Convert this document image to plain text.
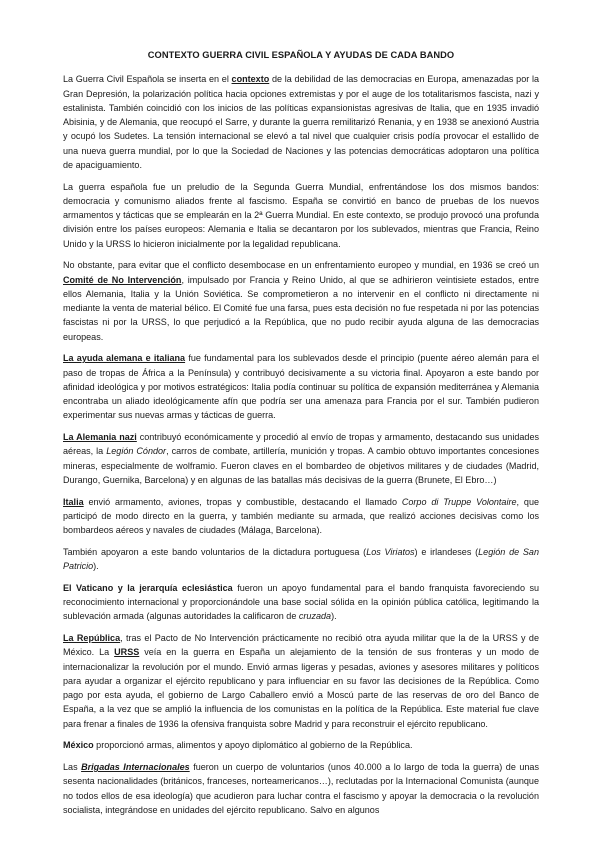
CONTEXTO GUERRA CIVIL ESPAÑOLA Y AYUDAS DE CADA BANDO

La Guerra Civil Española se inserta en el contexto de la debilidad de las democracias en Europa, amenazadas por la Gran Depresión, la polarización política hacia opciones extremistas y por el auge de los totalitarismos fascista, nazi y estalinista. También coincidió con los inicios de las políticas expansionistas agresivas de Italia, que en 1935 invadió Abisinia, y de Alemania, que reocupó el Sarre, y durante la guerra remilitarizó Renania, y en 1938 se anexionó Austria y ocupó los Sudetes. La tensión internacional se elevó a tal nivel que cualquier crisis podía provocar el estallido de una nueva guerra mundial, por lo que la Sociedad de Naciones y las potencias democráticas adoptaron una política de apaciguamiento.

La guerra española fue un preludio de la Segunda Guerra Mundial, enfrentándose los dos mismos bandos: democracia y comunismo aliados frente al fascismo. España se convirtió en banco de pruebas de los nuevos armamentos y tácticas que se emplearán en la 2ª Guerra Mundial. En este contexto, se produjo provocó una profunda división entre los países europeos: Alemania e Italia se decantaron por los sublevados, mientras que Francia, Reino Unido y la URSS lo hicieron inicialmente por la legalidad republicana.

No obstante, para evitar que el conflicto desembocase en un enfrentamiento europeo y mundial, en 1936 se creó un Comité de No Intervención, impulsado por Francia y Reino Unido, al que se adhirieron veintisiete estados, entre ellos Alemania, Italia y la Unión Soviética. Se comprometieron a no intervenir en el conflicto ni directamente ni mediante la venta de material bélico. El Comité fue una farsa, pues esta decisión no fue respetada ni por las potencias fascistas ni por la URSS, lo que perjudicó a la República, que no pudo recibir ayuda alguna de las democracias europeas.

La ayuda alemana e italiana fue fundamental para los sublevados desde el principio (puente aéreo alemán para el paso de tropas de África a la Península) y contribuyó decisivamente a su victoria final. Apoyaron a este bando por afinidad ideológica y por motivos estratégicos: Italia podía continuar su política de expansión mediterránea y Alemania encontraba un aliado ideológicamente afín que podría ser una amenaza para Francia por el sur. También pudieron experimentar sus nuevas armas y tácticas de guerra.

La Alemania nazi contribuyó económicamente y procedió al envío de tropas y armamento, destacando sus unidades aéreas, la Legión Cóndor, carros de combate, artillería, munición y tropas. A cambio obtuvo importantes concesiones mineras, especialmente de wolframio. Fueron claves en el bombardeo de objetivos militares y de ciudades (Madrid, Durango, Guernika, Barcelona) y en algunas de las batallas más decisivas de la guerra (Brunete, El Ebro…)

Italia envió armamento, aviones, tropas y combustible, destacando el llamado Corpo di Truppe Volontaire, que participó de modo directo en la guerra, y también mediante su armada, que realizó acciones decisivas como los bombardeos aéreos y navales de ciudades (Málaga, Barcelona).

También apoyaron a este bando voluntarios de la dictadura portuguesa (Los Viriatos) e irlandeses (Legión de San Patricio).

El Vaticano y la jerarquía eclesiástica fueron un apoyo fundamental para el bando franquista favoreciendo su reconocimiento internacional y proporcionándole una base social sólida en la opinión pública católica, legitimando la sublevación armada (algunas autoridades la calificaron de cruzada).

La República, tras el Pacto de No Intervención prácticamente no recibió otra ayuda militar que la de la URSS y de México. La URSS veía en la guerra en España un alejamiento de la tensión de sus fronteras y un modo de internacionalizar la revolución por el mundo. Envió armas ligeras y pesadas, aviones y asesores militares y políticos para ayudar a organizar el ejército republicano y para influenciar en su favor las decisiones de la República. Como pago por esta ayuda, el gobierno de Largo Caballero envió a Moscú parte de las reservas de oro del Banco de España, a la vez que se amplió la influencia de los comunistas en la política de la República. Este material fue clave para frenar a finales de 1936 la ofensiva franquista sobre Madrid y para reconstruir el ejército republicano.

México proporcionó armas, alimentos y apoyo diplomático al gobierno de la República.

Las Brigadas Internacionales fueron un cuerpo de voluntarios (unos 40.000 a lo largo de toda la guerra) de unas sesenta nacionalidades (británicos, franceses, norteamericanos…), reclutadas por la Internacional Comunista (aunque no todos ellos de esa ideología) que acudieron para luchar contra el fascismo y apoyar la democracia o la revolución socialista, integrándose en unidades del ejército republicano. Salvo en algunos
